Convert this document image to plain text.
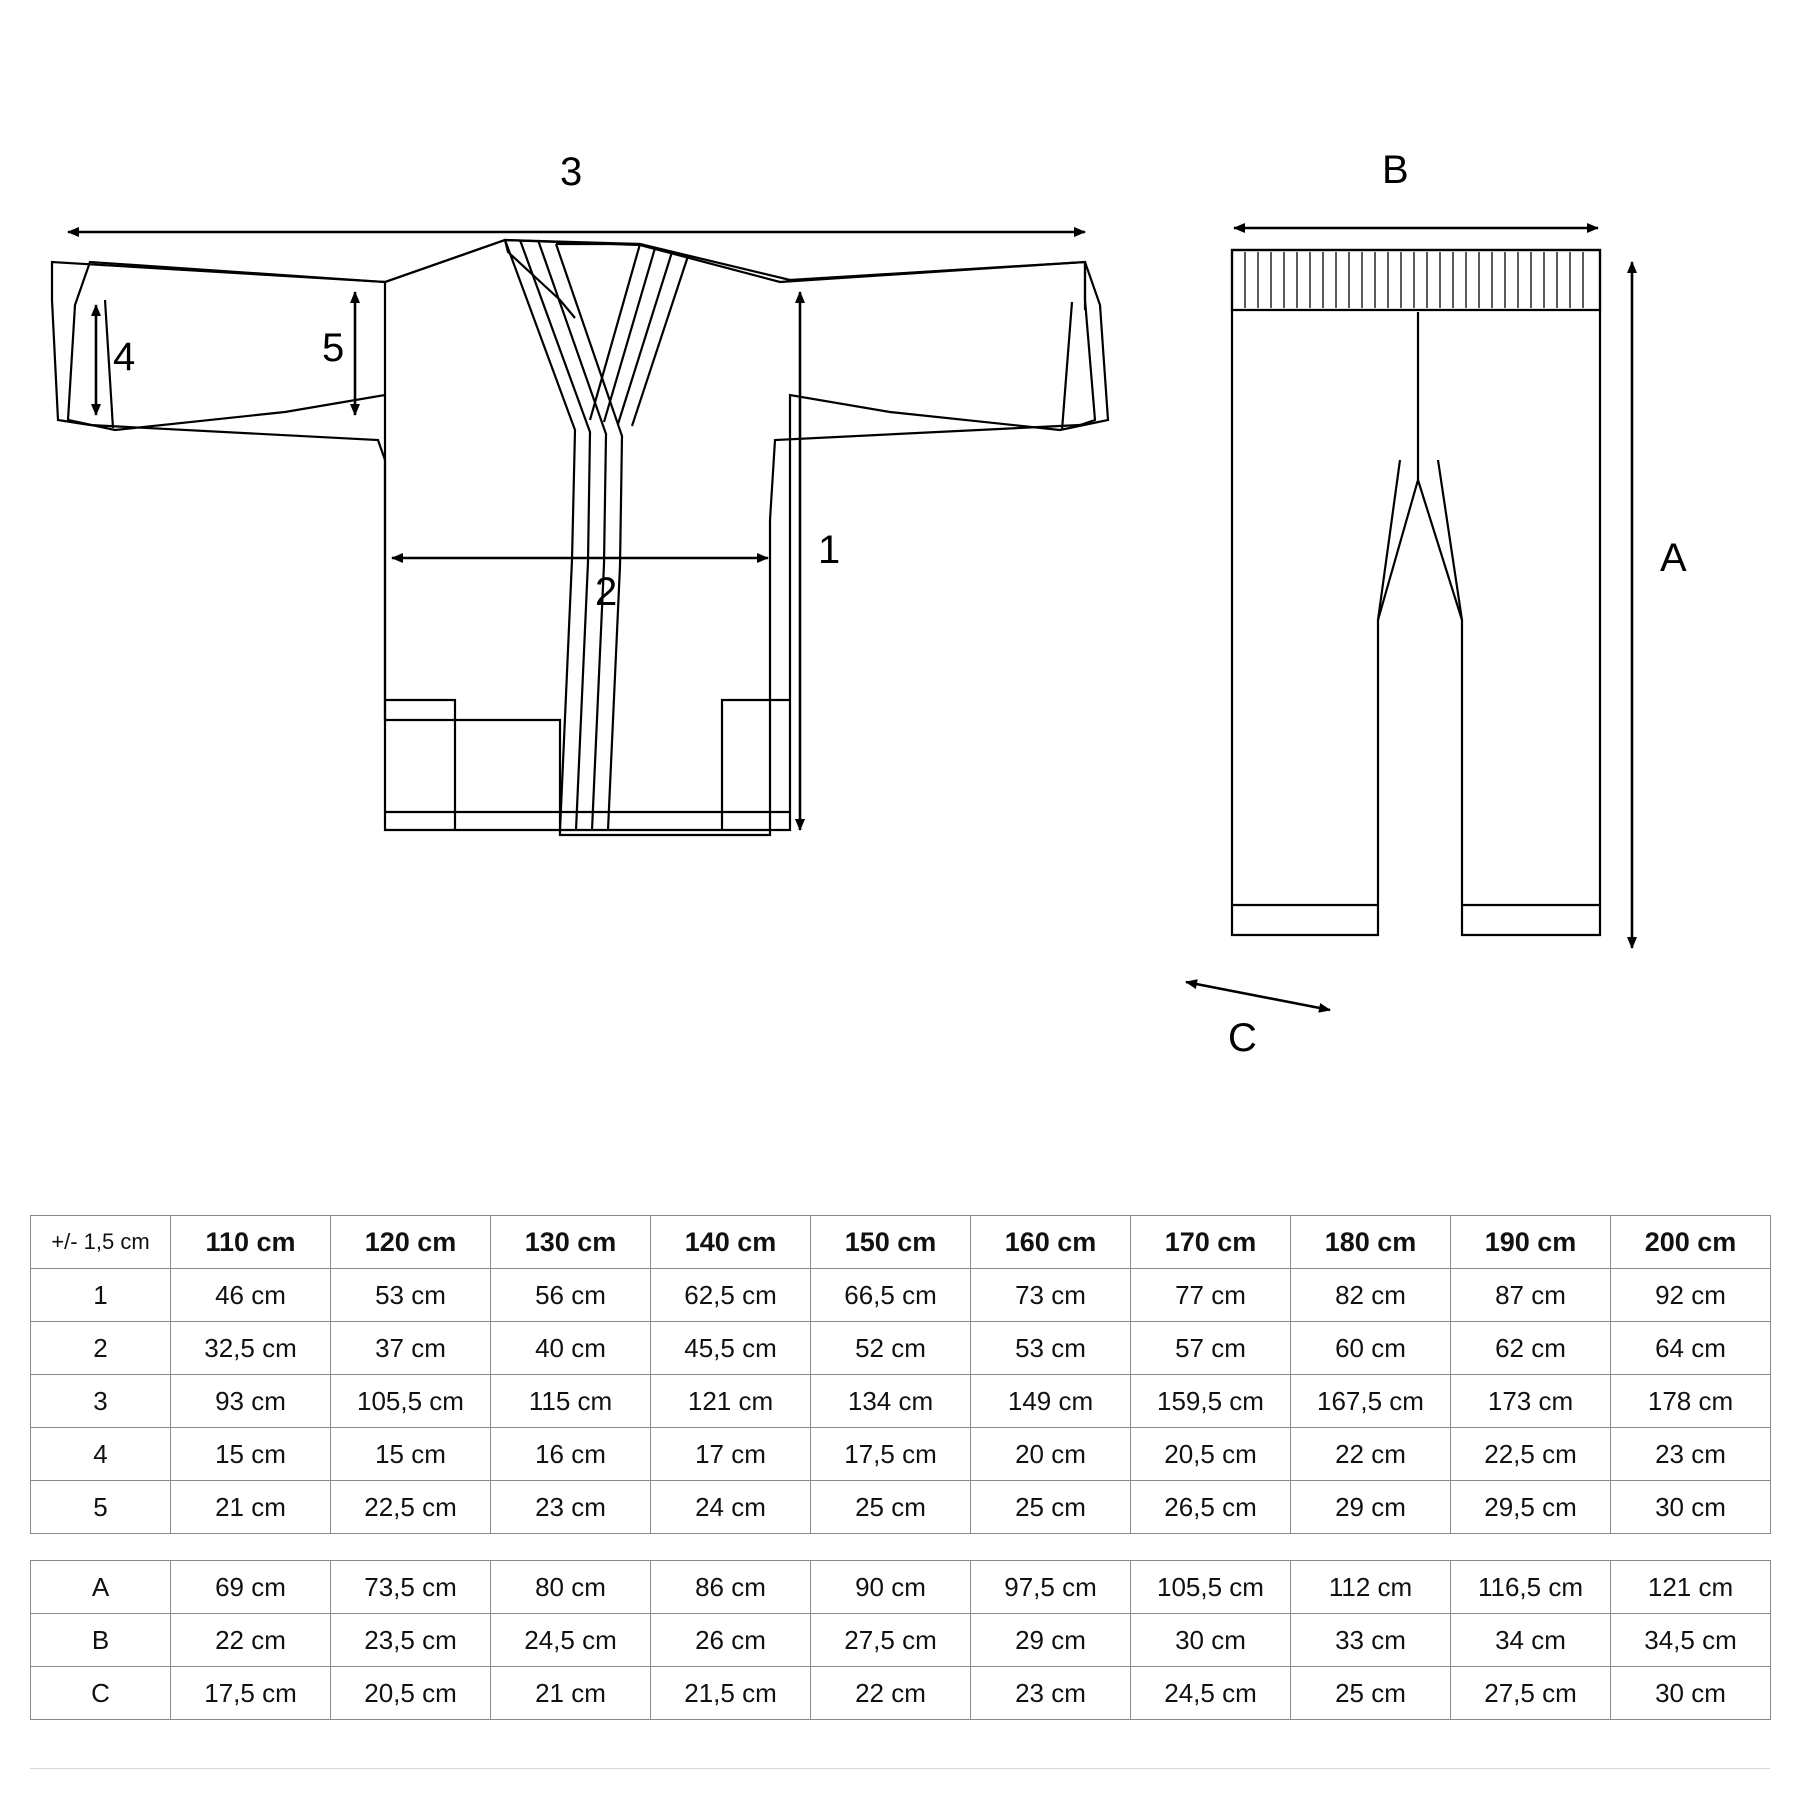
3
1
2
4	5
B
A
C
+/- 1,5 cm	110 cm	120 cm	130 cm	140 cm	150 cm	160 cm	170 cm	180 cm	190 cm	200 cm
1	46 cm	53 cm	56 cm	62,5 cm	66,5 cm	73 cm	77 cm	82 cm	87 cm	92 cm
2	32,5 cm	37 cm	40 cm	45,5 cm	52 cm	53 cm	57 cm	60 cm	62 cm	64 cm
3	93 cm	105,5 cm	115 cm	121 cm	134 cm	149 cm	159,5 cm	167,5 cm	173 cm	178 cm
4	15 cm	15 cm	16 cm	17 cm	17,5 cm	20 cm	20,5 cm	22 cm	22,5 cm	23 cm
5	21 cm	22,5 cm	23 cm	24 cm	25 cm	25 cm	26,5 cm	29 cm	29,5 cm	30 cm
A	69 cm	73,5 cm	80 cm	86 cm	90 cm	97,5 cm	105,5 cm	112 cm	116,5 cm	121 cm
B	22 cm	23,5 cm	24,5 cm	26 cm	27,5 cm	29 cm	30 cm	33 cm	34 cm	34,5 cm
C	17,5 cm	20,5 cm	21 cm	21,5 cm	22 cm	23 cm	24,5 cm	25 cm	27,5 cm	30 cm
